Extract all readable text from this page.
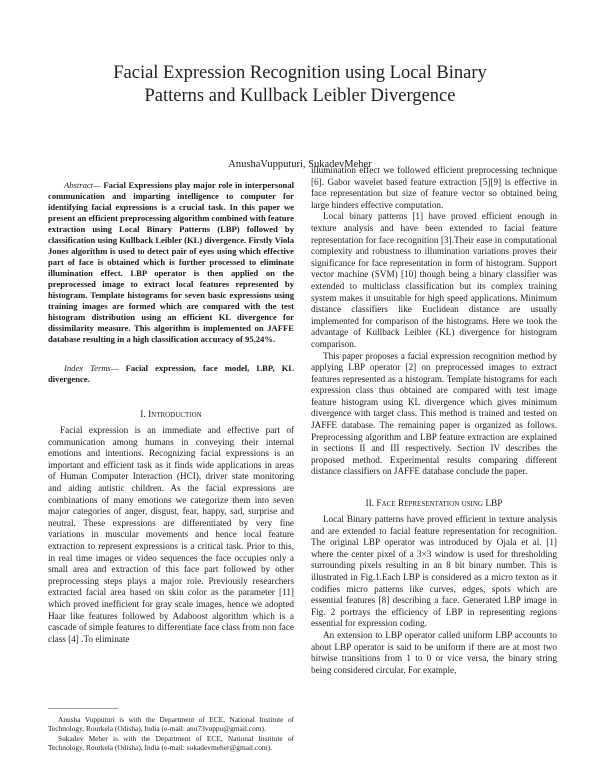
Facial Expression Recognition using Local Binary
Patterns and Kullback Leibler Divergence
AnushaVupputuri, SukadevMeher

Abstract— Facial Expressions play major role in interpersonal communication and imparting intelligence to computer for identifying facial expressions is a crucial task. In this paper we present an efficient preprocessing algorithm combined with feature extraction using Local Binary Patterns (LBP) followed by classification using Kullback Leibler (KL) divergence. Firstly Viola Jones algorithm is used to detect pair of eyes using which effective part of face is obtained which is further processed to eliminate illumination effect. LBP operator is then applied on the preprocessed image to extract local features represented by histogram. Template histograms for seven basic expressions using training images are formed which are compared with the test histogram distribution using an efficient KL divergence for dissimilarity measure. This algorithm is implemented on JAFFE database resulting in a high classification accuracy of 95.24%.

Index Terms— Facial expression, face model, LBP, KL divergence.

I. Introduction

Facial expression is an immediate and effective part of communication among humans in conveying their internal emotions and intentions. Recognizing facial expressions is an important and efficient task as it finds wide applications in areas of Human Computer Interaction (HCI), driver state monitoring and aiding autistic children. As the facial expressions are combinations of many emotions we categorize them into seven major categories of anger, disgust, fear, happy, sad, surprise and neutral. These expressions are differentiated by very fine variations in muscular movements and hence local feature extraction to represent expressions is a critical task. Prior to this, in real time images or video sequences the face occupies only a small area and extraction of this face part followed by other preprocessing steps plays a major role. Previously researchers extracted facial area based on skin color as the parameter [11] which proved inefficient for gray scale images, hence we adopted Haar like features followed by Adaboost algorithm which is a cascade of simple features to differentiate face class from non face class [4] .To eliminate

illumination effect we followed efficient preprocessing technique [6]. Gabor wavelet based feature extraction [5][9] is effective in face representation but size of feature vector so obtained being large hinders effective computation.

Local binary patterns [1] have proved efficient enough in texture analysis and have been extended to facial feature representation for face recognition [3].Their ease in computational complexity and robustness to illumination variations proves their significance for face representation in form of histogram. Support vector machine (SVM) [10] though being a binary classifier was extended to multiclass classification but its complex training system makes it unsuitable for high speed applications. Minimum distance classifiers like Euclidean distance are usually implemented for comparison of the histograms. Here we took the advantage of Kullback Leibler (KL) divergence for histogram comparison.

This paper proposes a facial expression recognition method by applying LBP operator [2] on preprocessed images to extract features represented as a histogram. Template histograms for each expression class thus obtained are compared with test image feature histogram using KL divergence which gives minimum divergence with target class. This method is trained and tested on JAFFE database. The remaining paper is organized as follows. Preprocessing algorithm and LBP feature extraction are explained in sections II and III respectively. Section IV describes the proposed method. Experimental results comparing different distance classifiers on JAFFE database conclude the paper.

II. Face Representation using LBP

Local Binary patterns have proved efficient in texture analysis and are extended to facial feature representation for recognition. The original LBP operator was introduced by Ojala et al. [1] where the center pixel of a 3×3 window is used for thresholding surrounding pixels resulting in an 8 bit binary number. This is illustrated in Fig.1.Each LBP is considered as a micro texton as it codifies micro patterns like curves, edges, spots which are essential features [8] describing a face. Generated LBP image in Fig. 2 portrays the efficiency of LBP in representing regions essential for expression coding.

An extension to LBP operator called uniform LBP accounts to about LBP operator is said to be uniform if there are at most two bitwise transitions from 1 to 0 or vice versa, the binary string being considered circular. For example,

Anusha Vupputuri is with the Department of ECE, National Institute of Technology, Rourkela (Odisha), India (e-mail: anu73vuppu@gmail.com).

Sukadev Meher is with the Department of ECE, National Institute of Technology, Rourkela (Odisha), India (e-mail: sukadevmeher@gmail.com).
